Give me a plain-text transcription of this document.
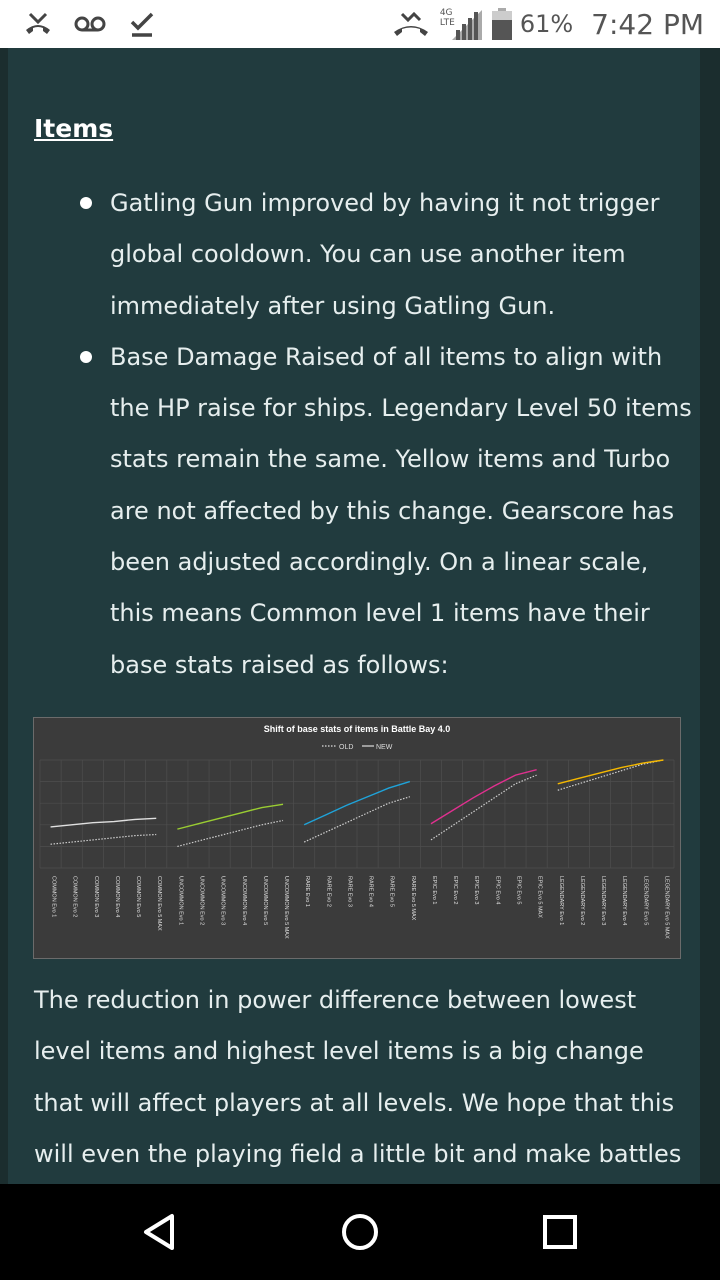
4G LTE	61% 7:42 PM
Items
Gatling Gun improved by having it not trigger global cooldown. You can use another item immediately after using Gatling Gun.
Base Damage Raised of all items to align with the HP raise for ships. Legendary Level 50 items stats remain the same. Yellow items and Turbo are not affected by this change. Gearscore has been adjusted accordingly. On a linear scale, this means Common level 1 items have their base stats raised as follows:
Shift of base stats of items in Battle Bay 4.0
OLD	NEW
COMMON Evo 1	COMMON Evo 2	COMMON Evo 3	COMMON Evo 4	COMMON Evo 5	COMMON Evo 5 MAX	UNCOMMON Evo 1	UNCOMMON Evo 2	UNCOMMON Evo 3	UNCOMMON Evo 4	UNCOMMON Evo 5	UNCOMMON Evo 5 MAX	RARE Evo 1	RARE Evo 2	RARE Evo 3	RARE Evo 4	RARE Evo 5	RARE Evo 5 MAX	EPIC Evo 1	EPIC Evo 2	EPIC Evo 3	EPIC Evo 4	EPIC Evo 5	EPIC Evo 5 MAX	LEGENDARY Evo 1	LEGENDARY Evo 2	LEGENDARY Evo 3	LEGENDARY Evo 4	LEGENDARY Evo 5	LEGENDARY Evo 5 MAX
The reduction in power difference between lowest level items and highest level items is a big change that will affect players at all levels. We hope that this will even the playing field a little bit and make battles
